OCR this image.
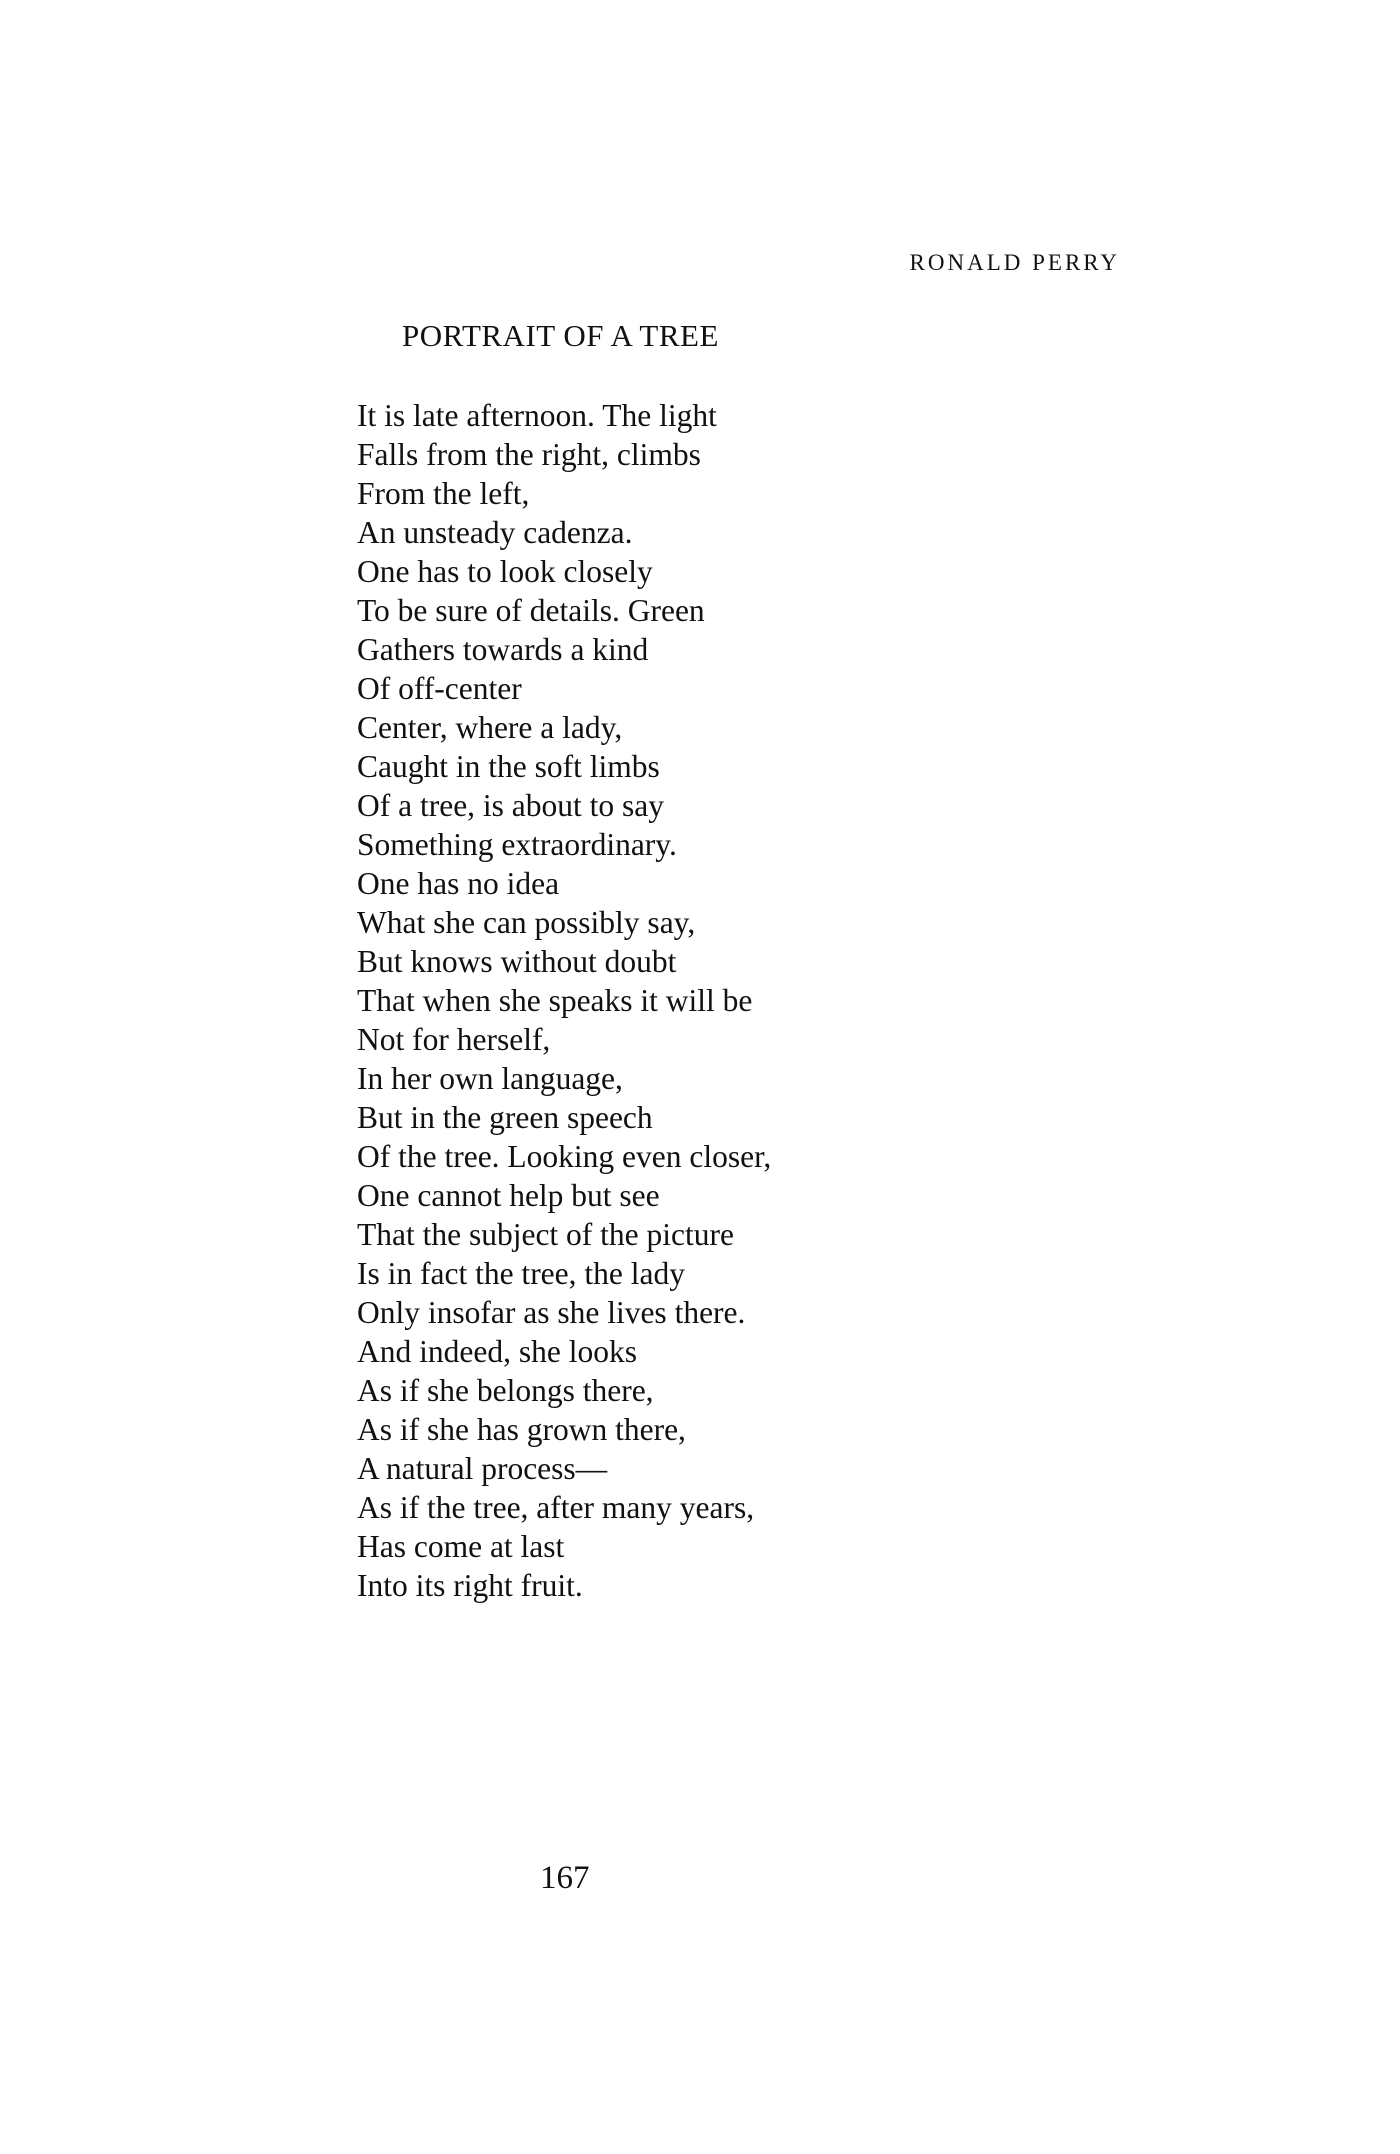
RONALD PERRY
PORTRAIT OF A TREE
It is late afternoon. The light
Falls from the right, climbs
From the left,
An unsteady cadenza.
One has to look closely
To be sure of details. Green
Gathers towards a kind
Of off-center
Center, where a lady,
Caught in the soft limbs
Of a tree, is about to say
Something extraordinary.
One has no idea
What she can possibly say,
But knows without doubt
That when she speaks it will be
Not for herself,
In her own language,
But in the green speech
Of the tree. Looking even closer,
One cannot help but see
That the subject of the picture
Is in fact the tree, the lady
Only insofar as she lives there.
And indeed, she looks
As if she belongs there,
As if she has grown there,
A natural process—
As if the tree, after many years,
Has come at last
Into its right fruit.
167
